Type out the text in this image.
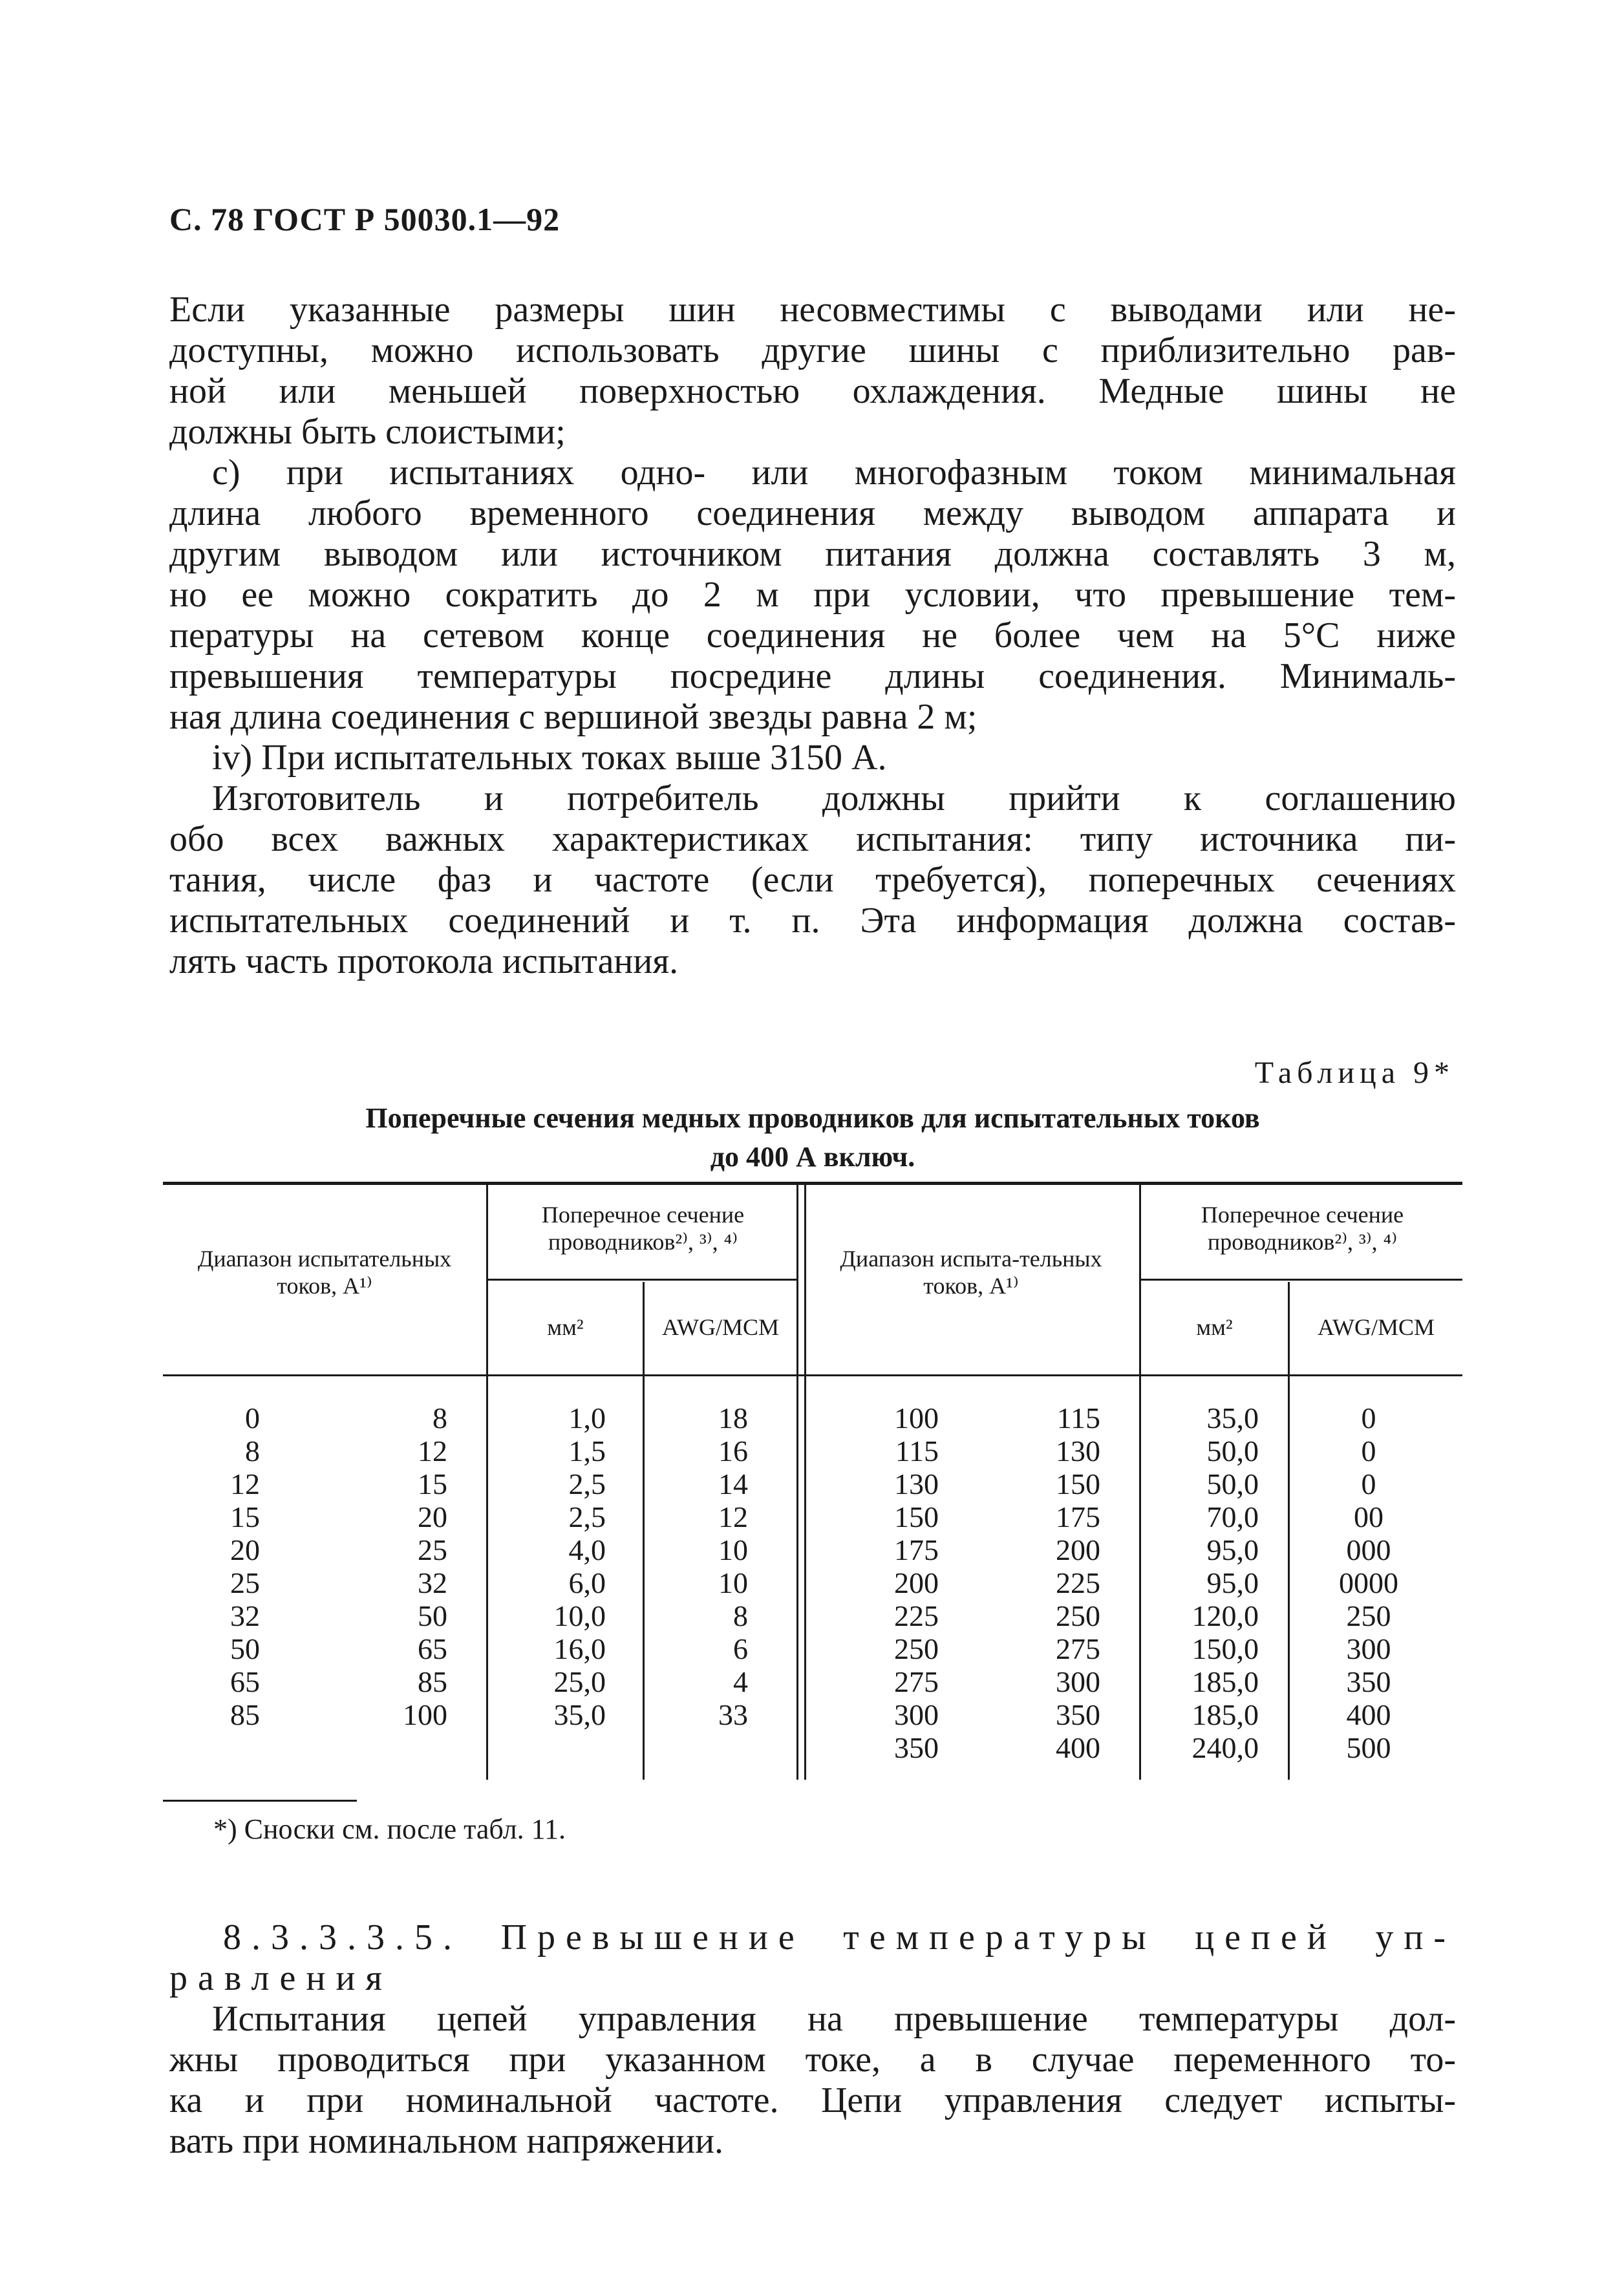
С. 78 ГОСТ Р 50030.1—92
Если указанные размеры шин несовместимы с выводами или не-
доступны, можно использовать другие шины с приблизительно рав-
ной или меньшей поверхностью охлаждения. Медные шины не
должны быть слоистыми;
c) при испытаниях одно- или многофазным током минимальная
длина любого временного соединения между выводом аппарата и
другим выводом или источником питания должна составлять 3 м,
но ее можно сократить до 2 м при условии, что превышение тем-
пературы на сетевом конце соединения не более чем на 5°С ниже
превышения температуры посредине длины соединения. Минималь-
ная длина соединения с вершиной звезды равна 2 м;
iv) При испытательных токах выше 3150 А.
Изготовитель и потребитель должны прийти к соглашению
обо всех важных характеристиках испытания: типу источника пи-
тания, числе фаз и частоте (если требуется), поперечных сечениях
испытательных соединений и т. п. Эта информация должна состав-
лять часть протокола испытания.
Таблица 9*
Поперечные сечения медных проводников для испытательных токов
до 400 А включ.
Диапазон испытательных токов, А¹⁾
Поперечное сечение проводников²⁾, ³⁾, ⁴⁾
мм²	AWG/MCM
Диапазон испыта-тельных токов, А¹⁾
Поперечное сечение проводников²⁾, ³⁾, ⁴⁾
мм²	AWG/MCM
0
8
12
15
20
25
32
50
65
85
8
12
15
20
25
32
50
65
85
100
1,0
1,5
2,5
2,5
4,0
6,0
10,0
16,0
25,0
35,0
18
16
14
12
10
10
8
6
4
33
100
115
130
150
175
200
225
250
275
300
350
115
130
150
175
200
225
250
275
300
350
400
35,0
50,0
50,0
70,0
95,0
95,0
120,0
150,0
185,0
185,0
240,0
0
0
0
00
000
0000
250
300
350
400
500
*) Сноски см. после табл. 11.
8.3.3.3.5. Превышение температуры цепей уп-
равления
Испытания цепей управления на превышение температуры дол-
жны проводиться при указанном токе, а в случае переменного то-
ка и при номинальной частоте. Цепи управления следует испыты-
вать при номинальном напряжении.
